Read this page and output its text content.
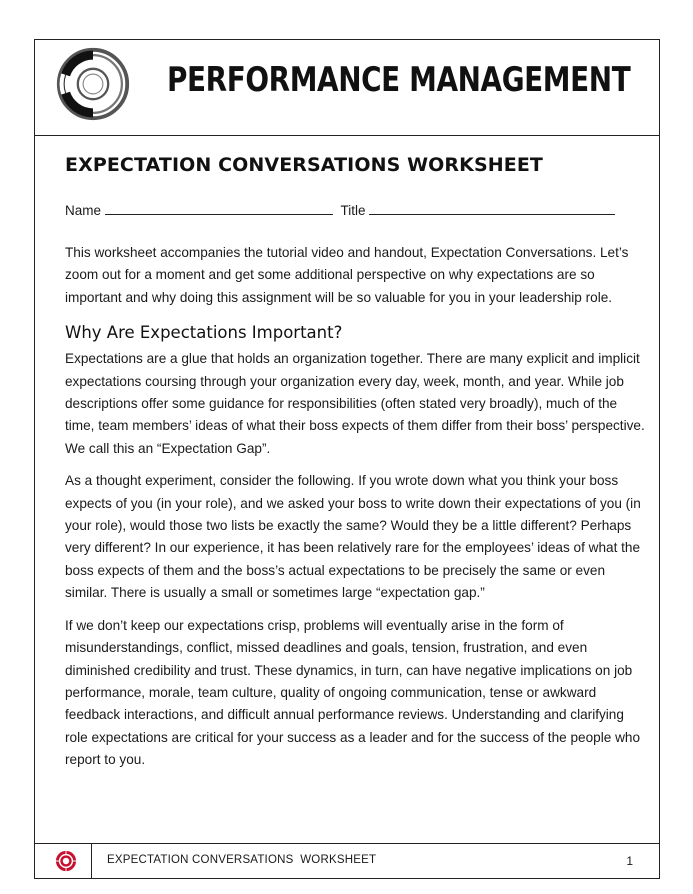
PERFORMANCE MANAGEMENT
EXPECTATION CONVERSATIONS WORKSHEET
Name	Title

This worksheet accompanies the tutorial video and handout, Expectation Conversations. Let’s zoom out for a moment and get some additional perspective on why expectations are so important and why doing this assignment will be so valuable for you in your leadership role.

Why Are Expectations Important?

Expectations are a glue that holds an organization together. There are many explicit and implicit expectations coursing through your organization every day, week, month, and year. While job descriptions offer some guidance for responsibilities (often stated very broadly), much of the time, team members’ ideas of what their boss expects of them differ from their boss’ perspective. We call this an “Expectation Gap”.

As a thought experiment, consider the following. If you wrote down what you think your boss expects of you (in your role), and we asked your boss to write down their expectations of you (in your role), would those two lists be exactly the same? Would they be a little different? Perhaps very different? In our experience, it has been relatively rare for the employees’ ideas of what the boss expects of them and the boss’s actual expectations to be precisely the same or even similar. There is usually a small or sometimes large “expectation gap.”

If we don’t keep our expectations crisp, problems will eventually arise in the form of misunderstandings, conflict, missed deadlines and goals, tension, frustration, and even diminished credibility and trust. These dynamics, in turn, can have negative implications on job performance, morale, team culture, quality of ongoing communication, tense or awkward feedback interactions, and difficult annual performance reviews. Understanding and clarifying role expectations are critical for your success as a leader and for the success of the people who report to you.

EXPECTATION CONVERSATIONS  WORKSHEET	1
